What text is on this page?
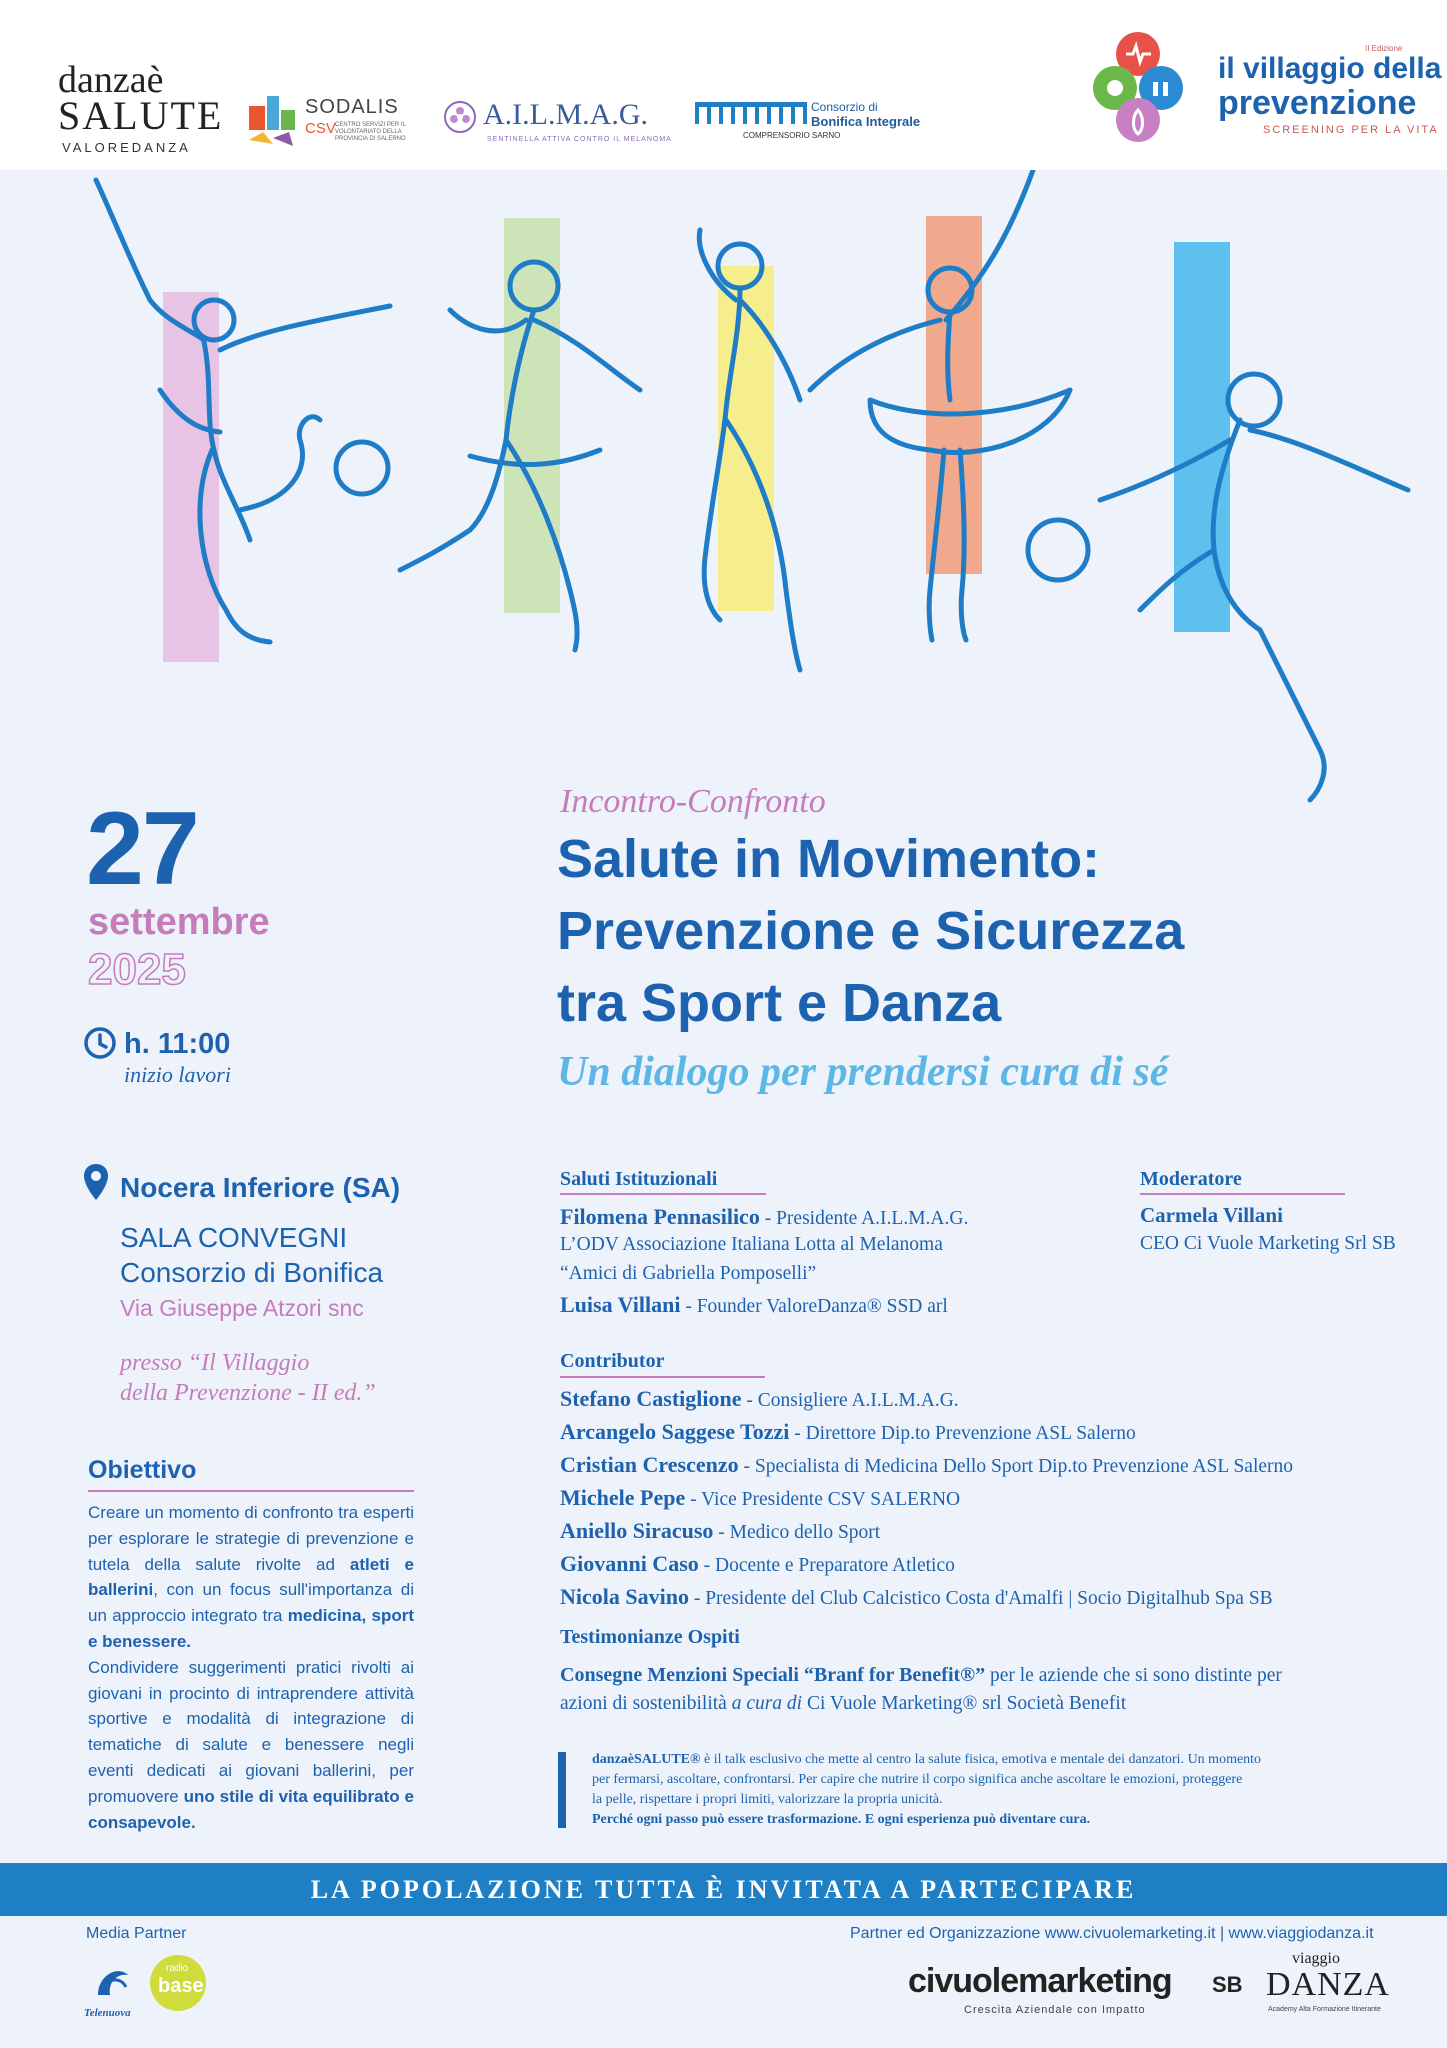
danzaè
SALUTE
VALOREDANZA
SODALIS
CSV CENTRO SERVIZI PER IL VOLONTARIATO DELLA PROVINCIA DI SALERNO
A.I.L.M.A.G.
SENTINELLA ATTIVA CONTRO IL MELANOMA
Consorzio di
Bonifica Integrale
COMPRENSORIO SARNO
II Edizione
il villaggio della
prevenzione
SCREENING PER LA VITA
27
settembre
2025
h. 11:00
inizio lavori
Nocera Inferiore (SA)
SALA CONVEGNI
Consorzio di Bonifica
Via Giuseppe Atzori snc
presso “Il Villaggio
della Prevenzione - II ed.”
Obiettivo
Creare un momento di confronto tra esperti per esplorare le strategie di prevenzione e tutela della salute rivolte ad atleti e ballerini, con un focus sull'importanza di un approccio integrato tra medicina, sport e benessere.
Condividere suggerimenti pratici rivolti ai giovani in procinto di intraprendere attività sportive e modalità di integrazione di tematiche di salute e benessere negli eventi dedicati ai giovani ballerini, per promuovere uno stile di vita equilibrato e consapevole.
Incontro-Confronto
Salute in Movimento:
Prevenzione e Sicurezza
tra Sport e Danza
Un dialogo per prendersi cura di sé
Saluti Istituzionali
Filomena Pennasilico - Presidente A.I.L.M.A.G.
L’ODV Associazione Italiana Lotta al Melanoma
“Amici di Gabriella Pomposelli”
Luisa Villani - Founder ValoreDanza® SSD arl
Moderatore
Carmela Villani
CEO Ci Vuole Marketing Srl SB
Contributor
Stefano Castiglione - Consigliere A.I.L.M.A.G.
Arcangelo Saggese Tozzi - Direttore Dip.to Prevenzione ASL Salerno
Cristian Crescenzo - Specialista di Medicina Dello Sport Dip.to Prevenzione ASL Salerno
Michele Pepe - Vice Presidente CSV SALERNO
Aniello Siracuso - Medico dello Sport
Giovanni Caso - Docente e Preparatore Atletico
Nicola Savino - Presidente del Club Calcistico Costa d'Amalfi | Socio Digitalhub Spa SB
Testimonianze Ospiti
Consegne Menzioni Speciali “Branf for Benefit®” per le aziende che si sono distinte per
azioni di sostenibilità a cura di Ci Vuole Marketing® srl Società Benefit
danzaèSALUTE® è il talk esclusivo che mette al centro la salute fisica, emotiva e mentale dei danzatori. Un momento
per fermarsi, ascoltare, confrontarsi. Per capire che nutrire il corpo significa anche ascoltare le emozioni, proteggere
la pelle, rispettare i propri limiti, valorizzare la propria unicità.
Perché ogni passo può essere trasformazione. E ogni esperienza può diventare cura.
LA POPOLAZIONE TUTTA È INVITATA A PARTECIPARE
Media Partner
Telenuova
radio
base
Partner ed Organizzazione www.civuolemarketing.it | www.viaggiodanza.it
civuolemarketing
Crescita Aziendale con Impatto
SB
viaggio
DANZA
Academy Alta Formazione Itinerante
